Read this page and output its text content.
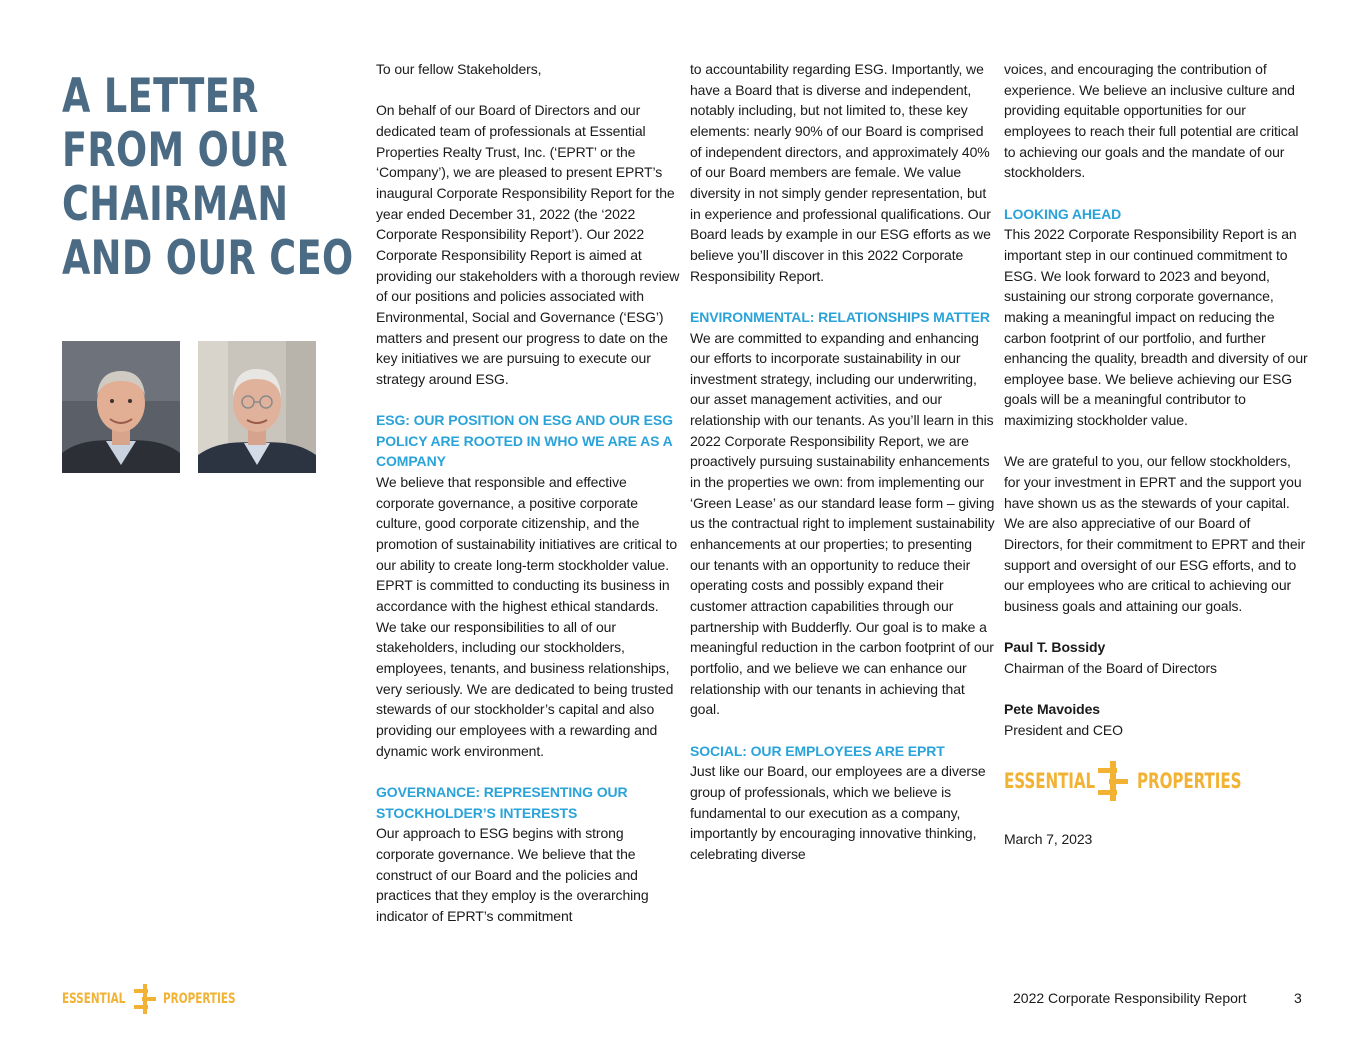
A LETTER
FROM OUR
CHAIRMAN
AND OUR CEO

To our fellow Stakeholders,

On behalf of our Board of Directors and our dedicated team of professionals at Essential Properties Realty Trust, Inc. (‘EPRT’ or the ‘Company’), we are pleased to present EPRT’s inaugural Corporate Responsibility Report for the year ended December 31, 2022 (the ‘2022 Corporate Responsibility Report’). Our 2022 Corporate Responsibility Report is aimed at providing our stakeholders with a thorough review of our positions and policies associated with Environmental, Social and Governance (‘ESG’) matters and present our progress to date on the key initiatives we are pursuing to execute our strategy around ESG.

ESG: OUR POSITION ON ESG AND OUR ESG POLICY ARE ROOTED IN WHO WE ARE AS A COMPANY

We believe that responsible and effective corporate governance, a positive corporate culture, good corporate citizenship, and the promotion of sustainability initiatives are critical to our ability to create long-term stockholder value. EPRT is committed to conducting its business in accordance with the highest ethical standards. We take our responsibilities to all of our stakeholders, including our stockholders, employees, tenants, and business relationships, very seriously. We are dedicated to being trusted stewards of our stockholder’s capital and also providing our employees with a rewarding and dynamic work environment.

GOVERNANCE: REPRESENTING OUR STOCKHOLDER’S INTERESTS

Our approach to ESG begins with strong corporate governance. We believe that the construct of our Board and the policies and practices that they employ is the overarching indicator of EPRT’s commitment

to accountability regarding ESG. Importantly, we have a Board that is diverse and independent, notably including, but not limited to, these key elements: nearly 90% of our Board is comprised of independent directors, and approximately 40% of our Board members are female. We value diversity in not simply gender representation, but in experience and professional qualifications. Our Board leads by example in our ESG efforts as we believe you’ll discover in this 2022 Corporate Responsibility Report.

ENVIRONMENTAL: RELATIONSHIPS MATTER

We are committed to expanding and enhancing our efforts to incorporate sustainability in our investment strategy, including our underwriting, our asset management activities, and our relationship with our tenants. As you’ll learn in this 2022 Corporate Responsibility Report, we are proactively pursuing sustainability enhancements in the properties we own: from implementing our ‘Green Lease’ as our standard lease form – giving us the contractual right to implement sustainability enhancements at our properties; to presenting our tenants with an opportunity to reduce their operating costs and possibly expand their customer attraction capabilities through our partnership with Budderfly. Our goal is to make a meaningful reduction in the carbon footprint of our portfolio, and we believe we can enhance our relationship with our tenants in achieving that goal.

SOCIAL: OUR EMPLOYEES ARE EPRT

Just like our Board, our employees are a diverse group of professionals, which we believe is fundamental to our execution as a company, importantly by encouraging innovative thinking, celebrating diverse

voices, and encouraging the contribution of experience. We believe an inclusive culture and providing equitable opportunities for our employees to reach their full potential are critical to achieving our goals and the mandate of our stockholders.

LOOKING AHEAD

This 2022 Corporate Responsibility Report is an important step in our continued commitment to ESG. We look forward to 2023 and beyond, sustaining our strong corporate governance, making a meaningful impact on reducing the carbon footprint of our portfolio, and further enhancing the quality, breadth and diversity of our employee base. We believe achieving our ESG goals will be a meaningful contributor to maximizing stockholder value.

We are grateful to you, our fellow stockholders, for your investment in EPRT and the support you have shown us as the stewards of your capital. We are also appreciative of our Board of Directors, for their commitment to EPRT and their support and oversight of our ESG efforts, and to our employees who are critical to achieving our business goals and attaining our goals.

Paul T. Bossidy

Chairman of the Board of Directors

Pete Mavoides

President and CEO

ESSENTIAL PROPERTIES

March 7, 2023

ESSENTIAL	PROPERTIES	2022 Corporate Responsibility Report	3
